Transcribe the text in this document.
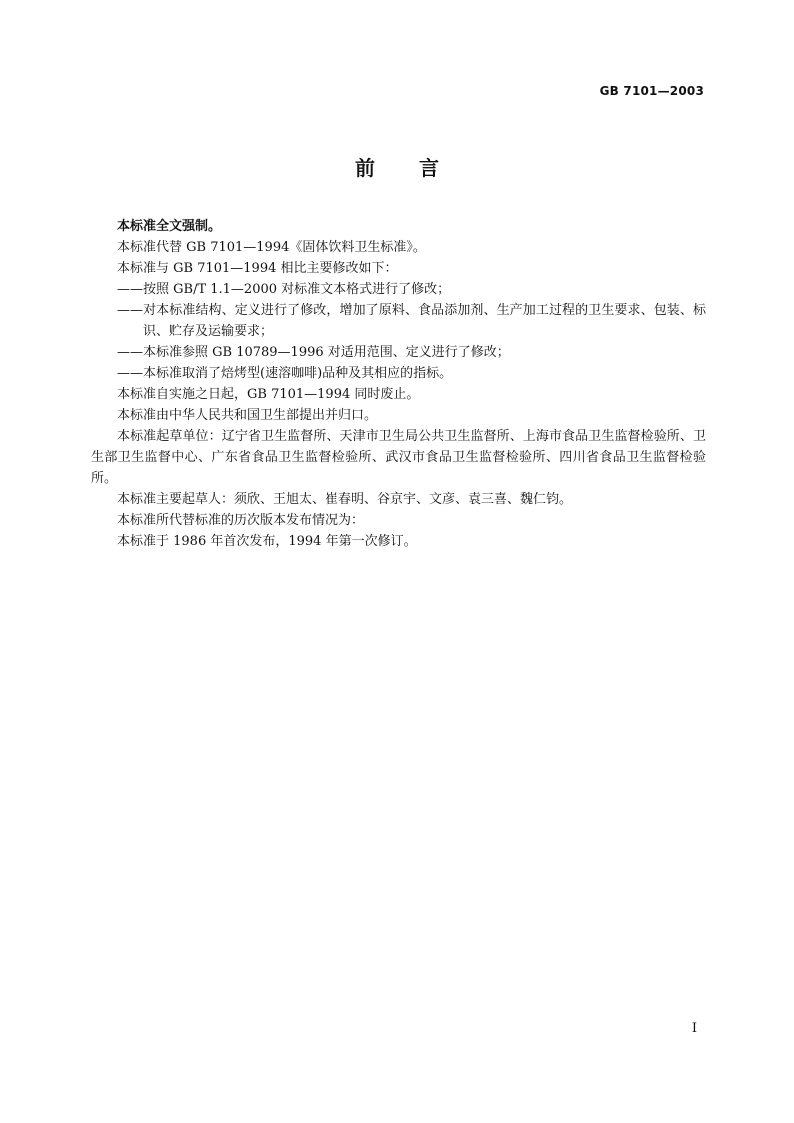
GB 7101—2003
前言

本标准全文强制。

本标准代替 GB 7101—1994《固体饮料卫生标准》。

本标准与 GB 7101—1994 相比主要修改如下：

——按照 GB/T 1.1—2000 对标准文本格式进行了修改；

——对本标准结构、定义进行了修改，增加了原料、食品添加剂、生产加工过程的卫生要求、包装、标识、贮存及运输要求；

——本标准参照 GB 10789—1996 对适用范围、定义进行了修改；

——本标准取消了焙烤型(速溶咖啡)品种及其相应的指标。

本标准自实施之日起，GB 7101—1994 同时废止。

本标准由中华人民共和国卫生部提出并归口。

本标准起草单位：辽宁省卫生监督所、天津市卫生局公共卫生监督所、上海市食品卫生监督检验所、卫生部卫生监督中心、广东省食品卫生监督检验所、武汉市食品卫生监督检验所、四川省食品卫生监督检验所。

本标准主要起草人：须欣、王旭太、崔春明、谷京宇、文彦、袁三喜、魏仁钧。

本标准所代替标准的历次版本发布情况为：

本标准于 1986 年首次发布，1994 年第一次修订。

I
